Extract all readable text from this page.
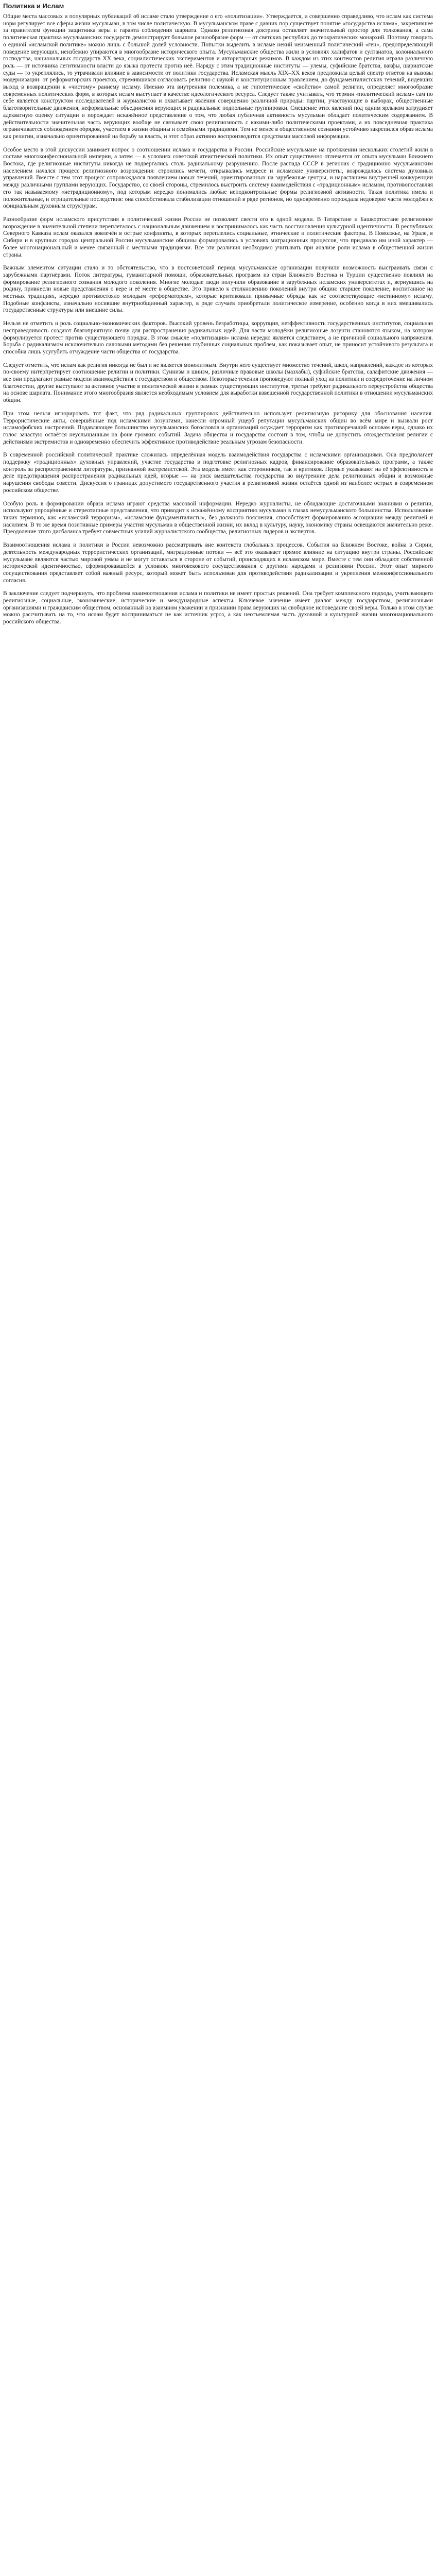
Политика и Ислам

Общие места массовых и популярных публикаций об исламе стало утверждение о его «политизации». Утверждается, и совершенно справедливо, что ислам как система норм регулирует все сферы жизни мусульман, в том числе политическую. В мусульманском праве с давних пор существует понятие «государства ислама», закрепившее за правителем функции защитника веры и гаранта соблюдения шариата. Однако религиозная доктрина оставляет значительный простор для толкования, а сама политическая практика мусульманских государств демонстрирует большое разнообразие форм — от светских республик до теократических монархий. Поэтому говорить о единой «исламской политике» можно лишь с большой долей условности. Попытки выделить в исламе некий неизменный политический «ген», предопределяющий поведение верующих, неизбежно упираются в многообразие исторического опыта. Мусульманские общества жили в условиях халифатов и султанатов, колониального господства, национальных государств XX века, социалистических экспериментов и авторитарных режимов. В каждом из этих контекстов религия играла различную роль — от источника легитимности власти до языка протеста против неё. Наряду с этим традиционные институты — улемы, суфийские братства, вакфы, шариатские суды — то укреплялись, то утрачивали влияние в зависимости от политики государства. Исламская мысль XIX–XX веков предложила целый спектр ответов на вызовы модернизации: от реформаторских проектов, стремившихся согласовать религию с наукой и конституционным правлением, до фундаменталистских течений, видевших выход в возвращении к «чистому» раннему исламу. Именно эта внутренняя полемика, а не гипотетическое «свойство» самой религии, определяет многообразие современных политических форм, в которых ислам выступает в качестве идеологического ресурса. Следует также учитывать, что термин «политический ислам» сам по себе является конструктом исследователей и журналистов и охватывает явления совершенно различной природы: партии, участвующие в выборах, общественные благотворительные движения, неформальные объединения верующих и радикальные подпольные группировки. Смешение этих явлений под одним ярлыком затрудняет адекватную оценку ситуации и порождает искажённое представление о том, что любая публичная активность мусульман обладает политическим содержанием. В действительности значительная часть верующих вообще не связывает свою религиозность с какими-либо политическими проектами, а их повседневная практика ограничивается соблюдением обрядов, участием в жизни общины и семейными традициями. Тем не менее в общественном сознании устойчиво закрепился образ ислама как религии, изначально ориентированной на борьбу за власть, и этот образ активно воспроизводится средствами массовой информации.

Особое место в этой дискуссии занимает вопрос о соотношении ислама и государства в России. Российские мусульмане на протяжении нескольких столетий жили в составе многоконфессиональной империи, а затем — в условиях советской атеистической политики. Их опыт существенно отличается от опыта мусульман Ближнего Востока, где религиозные институты никогда не подвергались столь радикальному разрушению. После распада СССР в регионах с традиционно мусульманским населением начался процесс религиозного возрождения: строились мечети, открывались медресе и исламские университеты, возрождалась система духовных управлений. Вместе с тем этот процесс сопровождался появлением новых течений, ориентированных на зарубежные центры, и нарастанием внутренней конкуренции между различными группами верующих. Государство, со своей стороны, стремилось выстроить систему взаимодействия с «традиционным» исламом, противопоставляя его так называемому «нетрадиционному», под которым нередко понимались любые неподконтрольные формы религиозной активности. Такая политика имела и положительные, и отрицательные последствия: она способствовала стабилизации отношений в ряде регионов, но одновременно порождала недоверие части молодёжи к официальным духовным структурам.

Разнообразие форм исламского присутствия в политической жизни России не позволяет свести его к одной модели. В Татарстане и Башкортостане религиозное возрождение в значительной степени переплеталось с национальным движением и воспринималось как часть восстановления культурной идентичности. В республиках Северного Кавказа ислам оказался вовлечён в острые конфликты, в которых переплелись социальные, этнические и политические факторы. В Поволжье, на Урале, в Сибири и в крупных городах центральной России мусульманские общины формировались в условиях миграционных процессов, что придавало им иной характер — более многонациональный и менее связанный с местными традициями. Все эти различия необходимо учитывать при анализе роли ислама в общественной жизни страны.

Важным элементом ситуации стало и то обстоятельство, что в постсоветский период мусульманские организации получили возможность выстраивать связи с зарубежными партнёрами. Поток литературы, гуманитарной помощи, образовательных программ из стран Ближнего Востока и Турции существенно повлиял на формирование религиозного сознания молодого поколения. Многие молодые люди получили образование в зарубежных исламских университетах и, вернувшись на родину, привнесли новые представления о вере и её месте в обществе. Это привело к столкновению поколений внутри общин: старшее поколение, воспитанное на местных традициях, нередко противостояло молодым «реформаторам», которые критиковали привычные обряды как не соответствующие «истинному» исламу. Подобные конфликты, изначально носившие внутриобщинный характер, в ряде случаев приобретали политическое измерение, особенно когда в них вмешивались государственные структуры или внешние силы.

Нельзя не отметить и роль социально-экономических факторов. Высокий уровень безработицы, коррупция, неэффективность государственных институтов, социальная несправедливость создают благоприятную почву для распространения радикальных идей. Для части молодёжи религиозные лозунги становятся языком, на котором формулируется протест против существующего порядка. В этом смысле «политизация» ислама нередко является следствием, а не причиной социального напряжения. Борьба с радикализмом исключительно силовыми методами без решения глубинных социальных проблем, как показывает опыт, не приносит устойчивого результата и способна лишь усугубить отчуждение части общества от государства.

Следует отметить, что ислам как религия никогда не был и не является монолитным. Внутри него существует множество течений, школ, направлений, каждое из которых по-своему интерпретирует соотношение религии и политики. Суннизм и шиизм, различные правовые школы (мазхабы), суфийские братства, салафитские движения — все они предлагают разные модели взаимодействия с государством и обществом. Некоторые течения проповедуют полный уход из политики и сосредоточение на личном благочестии, другие выступают за активное участие в политической жизни в рамках существующих институтов, третьи требуют радикального переустройства общества на основе шариата. Понимание этого многообразия является необходимым условием для выработки взвешенной государственной политики в отношении мусульманских общин.

При этом нельзя игнорировать тот факт, что ряд радикальных группировок действительно использует религиозную риторику для обоснования насилия. Террористические акты, совершённые под исламскими лозунгами, нанесли огромный ущерб репутации мусульманских общин во всём мире и вызвали рост исламофобских настроений. Подавляющее большинство мусульманских богословов и организаций осуждает терроризм как противоречащий основам веры, однако их голос зачастую остаётся неуслышанным на фоне громких событий. Задача общества и государства состоит в том, чтобы не допустить отождествления религии с действиями экстремистов и одновременно обеспечить эффективное противодействие реальным угрозам безопасности.

В современной российской политической практике сложилась определённая модель взаимодействия государства с исламскими организациями. Она предполагает поддержку «традиционных» духовных управлений, участие государства в подготовке религиозных кадров, финансирование образовательных программ, а также контроль за распространением литературы, признанной экстремистской. Эта модель имеет как сторонников, так и критиков. Первые указывают на её эффективность в деле предотвращения распространения радикальных идей, вторые — на риск вмешательства государства во внутренние дела религиозных общин и возможные нарушения свободы совести. Дискуссия о границах допустимого государственного участия в религиозной жизни остаётся одной из наиболее острых в современном российском обществе.

Особую роль в формировании образа ислама играют средства массовой информации. Нередко журналисты, не обладающие достаточными знаниями о религии, используют упрощённые и стереотипные представления, что приводит к искажённому восприятию мусульман в глазах немусульманского большинства. Использование таких терминов, как «исламский терроризм», «исламские фундаменталисты», без должного пояснения, способствует формированию ассоциации между религией и насилием. В то же время позитивные примеры участия мусульман в общественной жизни, их вклад в культуру, науку, экономику страны освещаются значительно реже. Преодоление этого дисбаланса требует совместных усилий журналистского сообщества, религиозных лидеров и экспертов.

Взаимоотношения ислама и политики в России невозможно рассматривать вне контекста глобальных процессов. События на Ближнем Востоке, война в Сирии, деятельность международных террористических организаций, миграционные потоки — всё это оказывает прямое влияние на ситуацию внутри страны. Российские мусульмане являются частью мировой уммы и не могут оставаться в стороне от событий, происходящих в исламском мире. Вместе с тем они обладают собственной исторической идентичностью, сформировавшейся в условиях многовекового сосуществования с другими народами и религиями России. Этот опыт мирного сосуществования представляет собой важный ресурс, который может быть использован для противодействия радикализации и укрепления межконфессионального согласия.

В заключение следует подчеркнуть, что проблема взаимоотношения ислама и политики не имеет простых решений. Она требует комплексного подхода, учитывающего религиозные, социальные, экономические, исторические и международные аспекты. Ключевое значение имеет диалог между государством, религиозными организациями и гражданским обществом, основанный на взаимном уважении и признании права верующих на свободное исповедание своей веры. Только в этом случае можно рассчитывать на то, что ислам будет восприниматься не как источник угроз, а как неотъемлемая часть духовной и культурной жизни многонационального российского общества.
